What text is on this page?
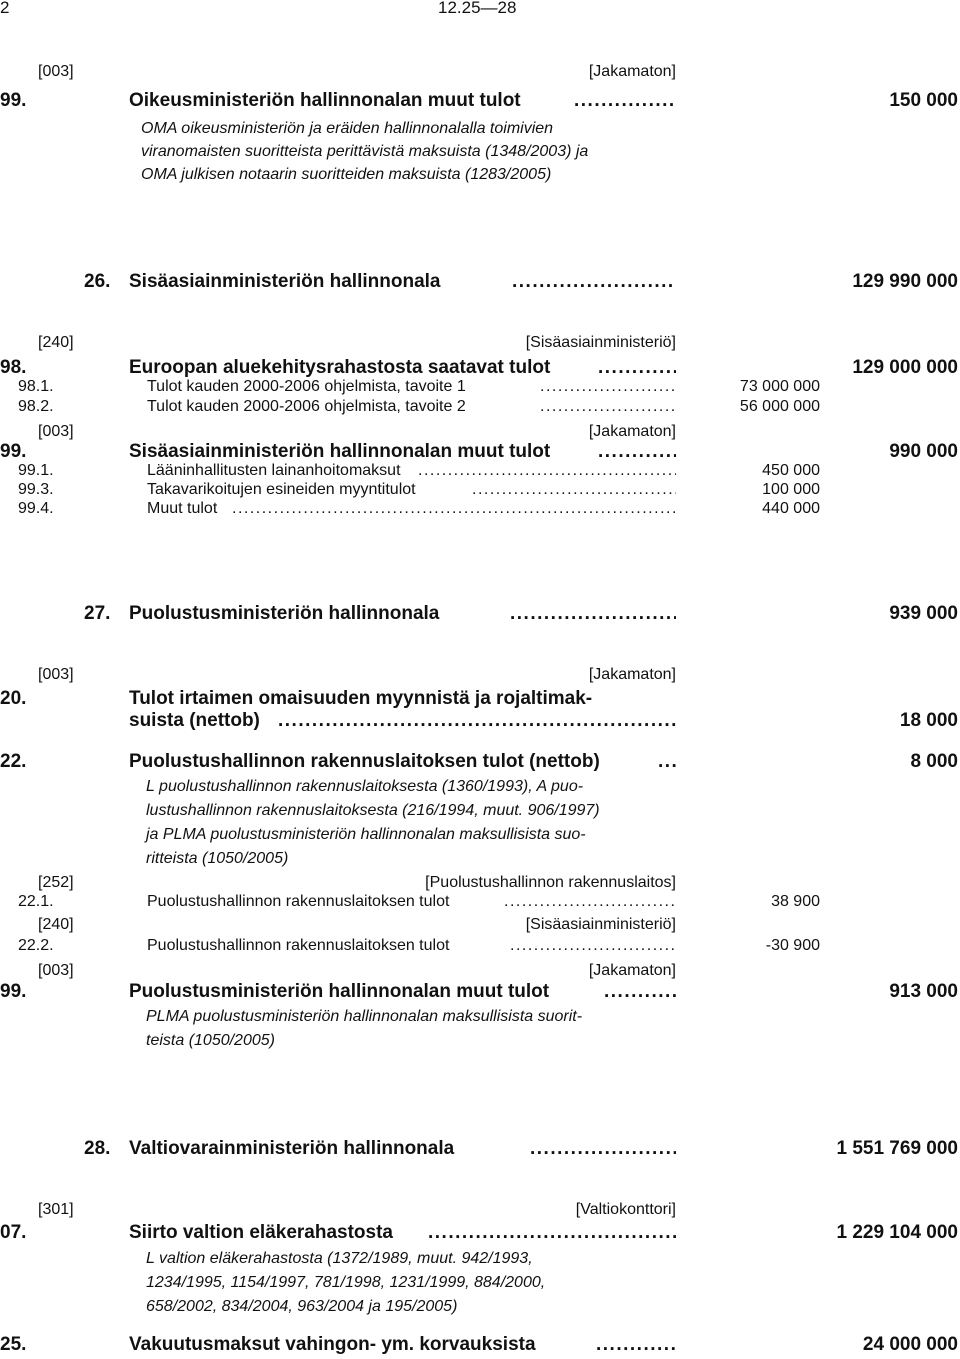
2	12.25—28
[003]	[Jakamaton]
99.	Oikeusministeriön hallinnonalan muut tulot .....	150 000
OMA oikeusministeriön ja eräiden hallinnonalalla toimivien
viranomaisten suoritteista perittävistä maksuista (1348/2003) ja
OMA julkisen notaarin suoritteiden maksuista (1283/2005)
26. Sisäasiainministeriön hallinnonala .....	129 990 000
[240]	[Sisäasiainministeriö]
98.	Euroopan aluekehitysrahastosta saatavat tulot .....	129 000 000
98.1.	Tulot kauden 2000-2006 ohjelmista, tavoite 1 .....	73 000 000
98.2.	Tulot kauden 2000-2006 ohjelmista, tavoite 2 .....	56 000 000
[003]	[Jakamaton]
99.	Sisäasiainministeriön hallinnonalan muut tulot .....	990 000
99.1.	Lääninhallitusten lainanhoitomaksut .....	450 000
99.3.	Takavarikoitujen esineiden myyntitulot .....	100 000
99.4.	Muut tulot .....	440 000
27. Puolustusministeriön hallinnonala .....	939 000
[003]	[Jakamaton]
20.	Tulot irtaimen omaisuuden myynnistä ja rojaltimak-
suista (nettob) .....	18 000
22.	Puolustushallinnon rakennuslaitoksen tulot (nettob) .....	8 000
L puolustushallinnon rakennuslaitoksesta (1360/1993), A puo-
lustushallinnon rakennuslaitoksesta (216/1994, muut. 906/1997)
ja PLMA puolustusministeriön hallinnonalan maksullisista suo-
ritteista (1050/2005)
[252]	[Puolustushallinnon rakennuslaitos]
22.1.	Puolustushallinnon rakennuslaitoksen tulot .....	38 900
[240]	[Sisäasiainministeriö]
22.2.	Puolustushallinnon rakennuslaitoksen tulot .....	-30 900
[003]	[Jakamaton]
99.	Puolustusministeriön hallinnonalan muut tulot .....	913 000
PLMA puolustusministeriön hallinnonalan maksullisista suorit-
teista (1050/2005)
28. Valtiovarainministeriön hallinnonala .....	1 551 769 000
[301]	[Valtiokonttori]
07.	Siirto valtion eläkerahastosta .....	1 229 104 000
L valtion eläkerahastosta (1372/1989, muut. 942/1993,
1234/1995, 1154/1997, 781/1998, 1231/1999, 884/2000,
658/2002, 834/2004, 963/2004 ja 195/2005)
25.	Vakuutusmaksut vahingon- ym. korvauksista .....	24 000 000
